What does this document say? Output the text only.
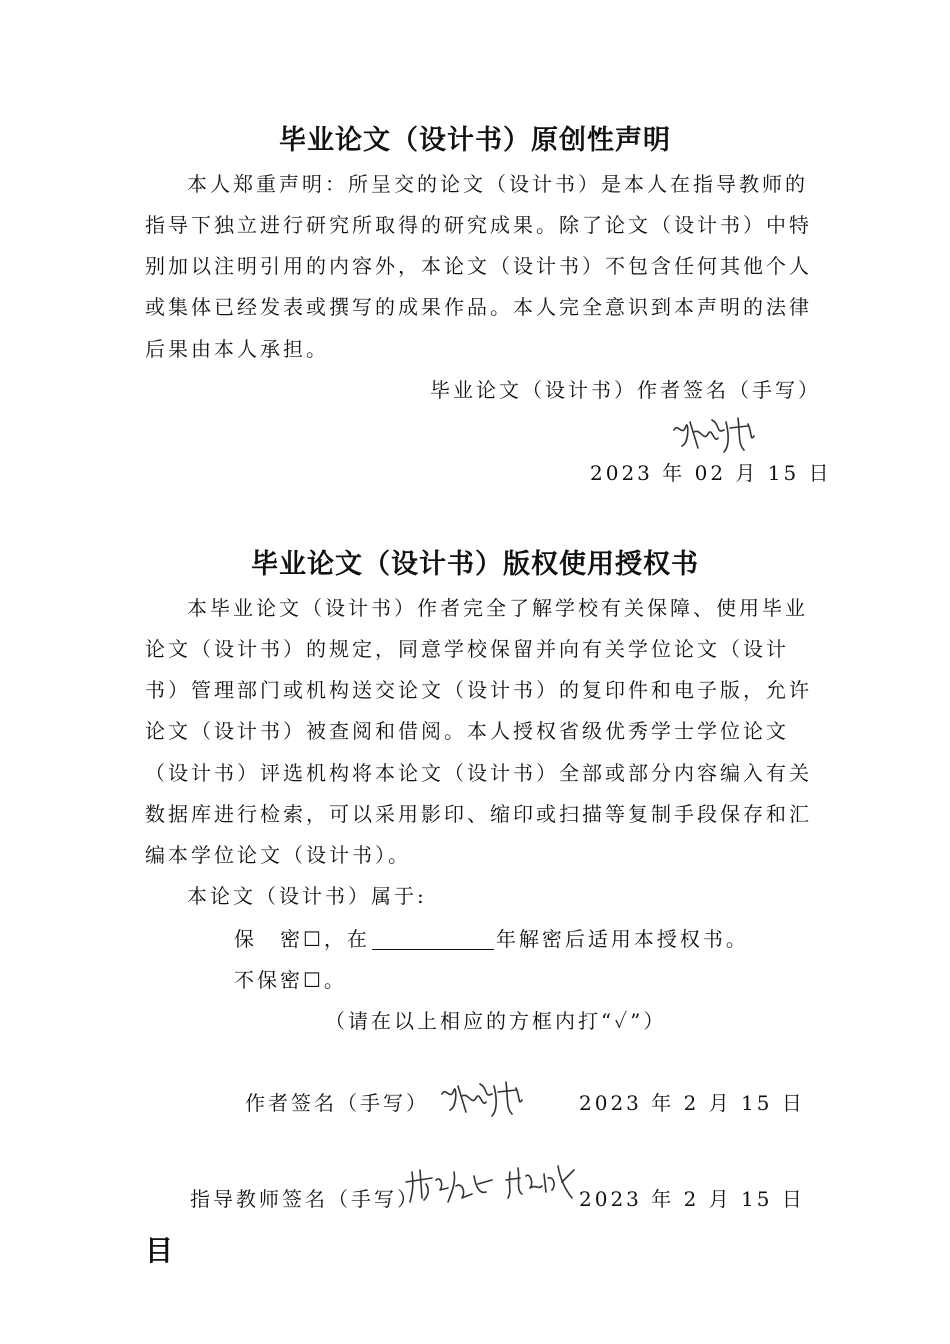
毕业论文（设计书）原创性声明
本人郑重声明：所呈交的论文（设计书）是本人在指导教师的
指导下独立进行研究所取得的研究成果。除了论文（设计书）中特
别加以注明引用的内容外，本论文（设计书）不包含任何其他个人
或集体已经发表或撰写的成果作品。本人完全意识到本声明的法律
后果由本人承担。
毕业论文（设计书）作者签名（手写）
2023 年 02 月 15 日
毕业论文（设计书）版权使用授权书
本毕业论文（设计书）作者完全了解学校有关保障、使用毕业
论文（设计书）的规定，同意学校保留并向有关学位论文（设计
书）管理部门或机构送交论文（设计书）的复印件和电子版，允许
论文（设计书）被查阅和借阅。本人授权省级优秀学士学位论文
（设计书）评选机构将本论文（设计书）全部或部分内容编入有关
数据库进行检索，可以采用影印、缩印或扫描等复制手段保存和汇
编本学位论文（设计书）。
本论文（设计书）属于:
保　密☐，在	年解密后适用本授权书。
不保密☐。
（请在以上相应的方框内打“✓”）
作者签名（手写）	2023 年 2 月 15 日
指导教师签名（手写）	2023 年 2 月 15 日
目
